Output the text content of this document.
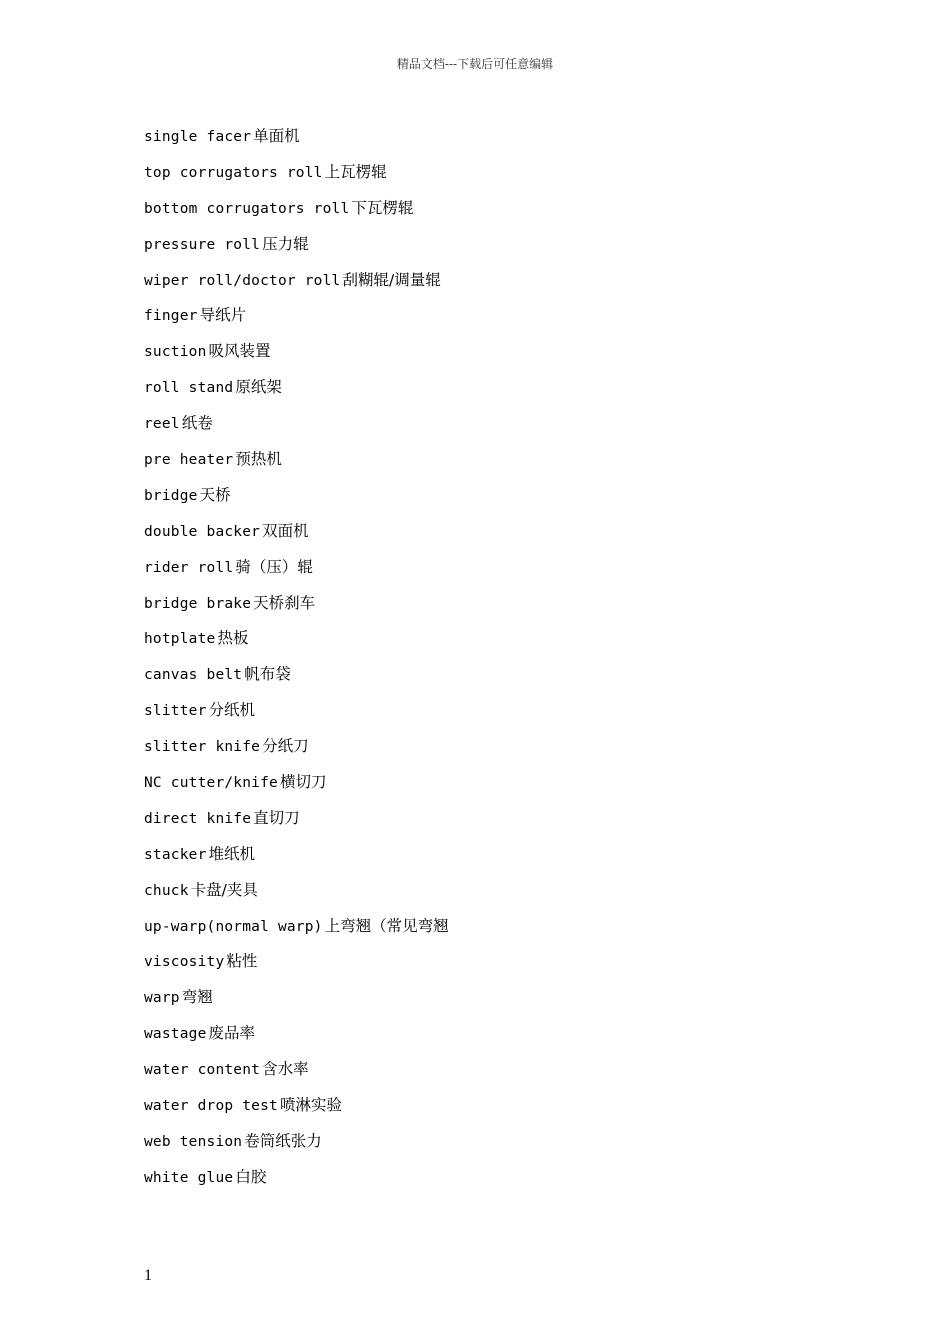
精品文档---下载后可任意编辑
single facer 单面机
top corrugators roll 上瓦楞辊
bottom corrugators roll 下瓦楞辊
pressure roll 压力辊
wiper roll/doctor roll 刮糊辊/调量辊
finger 导纸片
suction 吸风装置
roll stand 原纸架
reel 纸卷
pre heater 预热机
bridge 天桥
double backer 双面机
rider roll 骑（压）辊
bridge brake 天桥刹车
hotplate 热板
canvas belt 帆布袋
slitter 分纸机
slitter knife 分纸刀
NC cutter/knife 横切刀
direct knife 直切刀
stacker 堆纸机
chuck 卡盘/夹具
up-warp(normal warp) 上弯翘（常见弯翘
viscosity 粘性
warp 弯翘
wastage 废品率
water content 含水率
water drop test 喷淋实验
web tension 卷筒纸张力
white glue 白胶
1
